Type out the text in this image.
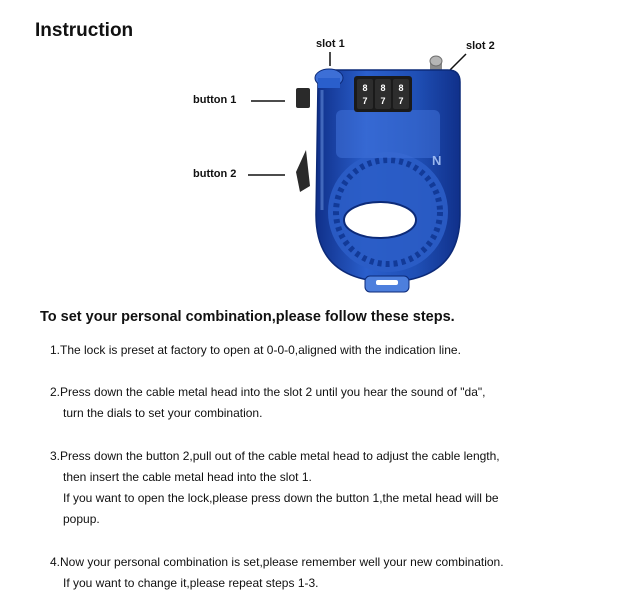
Instruction
N
8 8 8
7 7 7
slot 1	slot 2
button 1
button 2
To set your personal combination,please follow these steps.
1.The lock is preset at factory to open at 0-0-0,aligned with the indication line.
2.Press down the cable metal head into the slot 2 until you hear the sound of "da",
turn the dials to set your combination.
3.Press down the button 2,pull out of the cable metal head to adjust the cable length,
then insert the cable metal head into the slot 1.
If you want to open the lock,please press down the button 1,the metal head will be
popup.
4.Now your personal combination is set,please remember well your new combination.
If you want to change it,please repeat steps 1-3.
